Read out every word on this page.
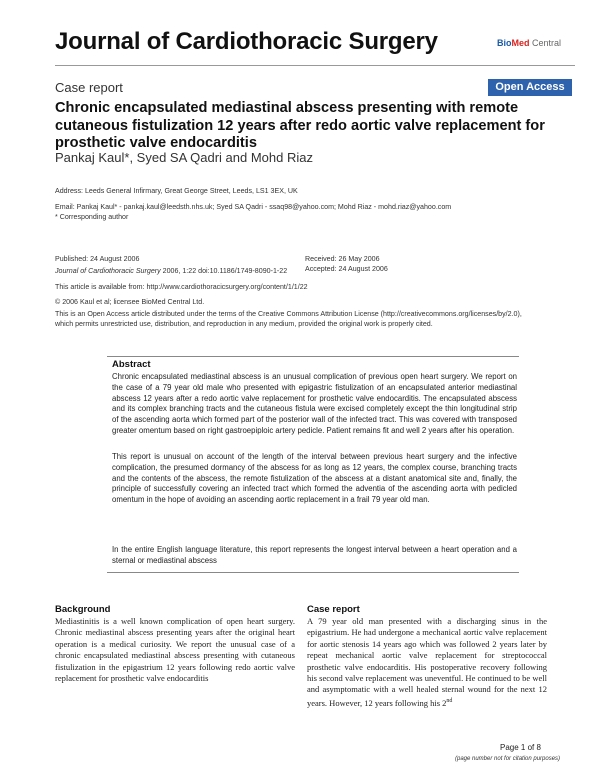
Journal of Cardiothoracic Surgery	BioMed Central
Case report	Open Access
Chronic encapsulated mediastinal abscess presenting with remote cutaneous fistulization 12 years after redo aortic valve replacement for prosthetic valve endocarditis
Pankaj Kaul*, Syed SA Qadri and Mohd Riaz
Address: Leeds General Infirmary, Great George Street, Leeds, LS1 3EX, UK
Email: Pankaj Kaul* - pankaj.kaul@leedsth.nhs.uk; Syed SA Qadri - ssaq98@yahoo.com; Mohd Riaz - mohd.riaz@yahoo.com
* Corresponding author
Published: 24 August 2006
Journal of Cardiothoracic Surgery 2006, 1:22 doi:10.1186/1749-8090-1-22
Received: 26 May 2006
Accepted: 24 August 2006
This article is available from: http://www.cardiothoracicsurgery.org/content/1/1/22
© 2006 Kaul et al; licensee BioMed Central Ltd.
This is an Open Access article distributed under the terms of the Creative Commons Attribution License (http://creativecommons.org/licenses/by/2.0),
which permits unrestricted use, distribution, and reproduction in any medium, provided the original work is properly cited.
Abstract
Chronic encapsulated mediastinal abscess is an unusual complication of previous open heart surgery. We report on the case of a 79 year old male who presented with epigastric fistulization of an encapsulated anterior mediastinal abscess 12 years after a redo aortic valve replacement for prosthetic valve endocarditis. The encapsulated abscess and its complex branching tracts and the cutaneous fistula were excised completely except the thin longitudinal strip of the ascending aorta which formed part of the posterior wall of the infected tract. This was covered with transposed greater omentum based on right gastroepiploic artery pedicle. Patient remains fit and well 2 years after his operation.
This report is unusual on account of the length of the interval between previous heart surgery and the infective complication, the presumed dormancy of the abscess for as long as 12 years, the complex course, branching tracts and the contents of the abscess, the remote fistulization of the abscess at a distant anatomical site and, finally, the principle of successfully covering an infected tract which formed the adventia of the ascending aorta with pedicled omentum in the hope of avoiding an ascending aortic replacement in a frail 79 year old man.
In the entire English language literature, this report represents the longest interval between a heart operation and a sternal or mediastinal abscess
Background
Mediastinitis is a well known complication of open heart surgery. Chronic mediastinal abscess presenting years after the original heart operation is a medical curiosity. We report the unusual case of a chronic encapsulated mediastinal abscess presenting with cutaneous fistulization in the epigastrium 12 years following redo aortic valve replacement for prosthetic valve endocarditis
Case report
A 79 year old man presented with a discharging sinus in the epigastrium. He had undergone a mechanical aortic valve replacement for aortic stenosis 14 years ago which was followed 2 years later by repeat mechanical aortic valve replacement for streptococcal prosthetic valve endocarditis. His postoperative recovery following his second valve replacement was uneventful. He continued to be well and asymptomatic with a well healed sternal wound for the next 12 years. However, 12 years following his 2nd
Page 1 of 8
(page number not for citation purposes)
